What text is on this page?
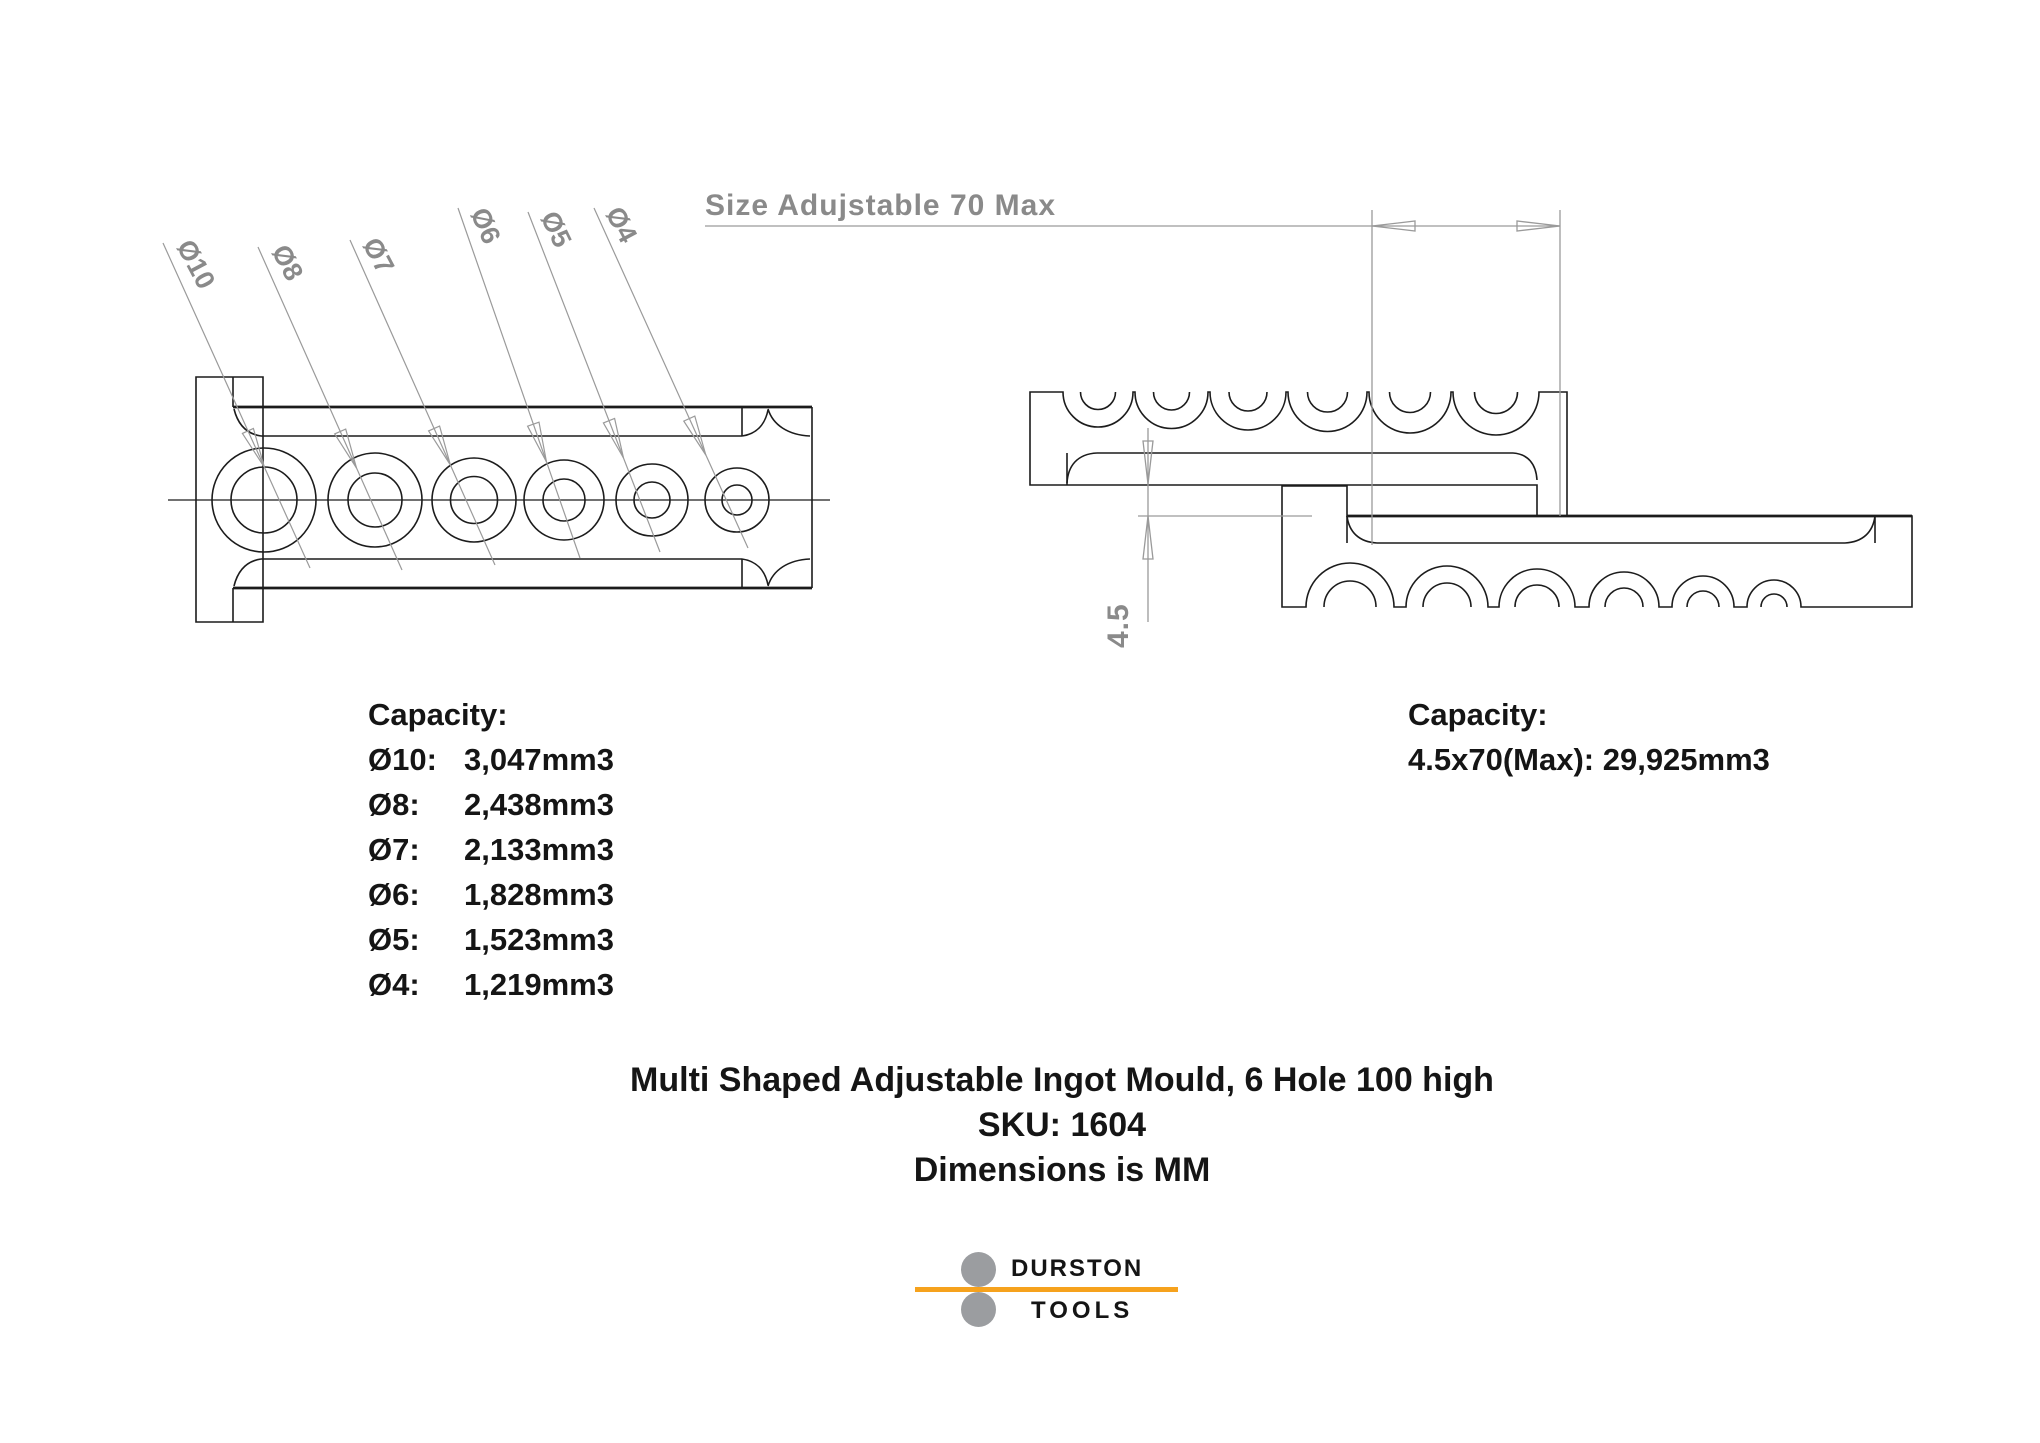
Ø10 Ø8 Ø7
Ø6 Ø5 Ø4 Size Adujstable 70 Max
4.5
Capacity:
Ø10: 3,047mm3
Ø8: 2,438mm3
Ø7: 2,133mm3
Ø6: 1,828mm3
Ø5: 1,523mm3
Ø4: 1,219mm3
Capacity:
4.5x70(Max): 29,925mm3
Multi Shaped Adjustable Ingot Mould, 6 Hole 100 high
SKU: 1604
Dimensions is MM
DURSTON
TOOLS
